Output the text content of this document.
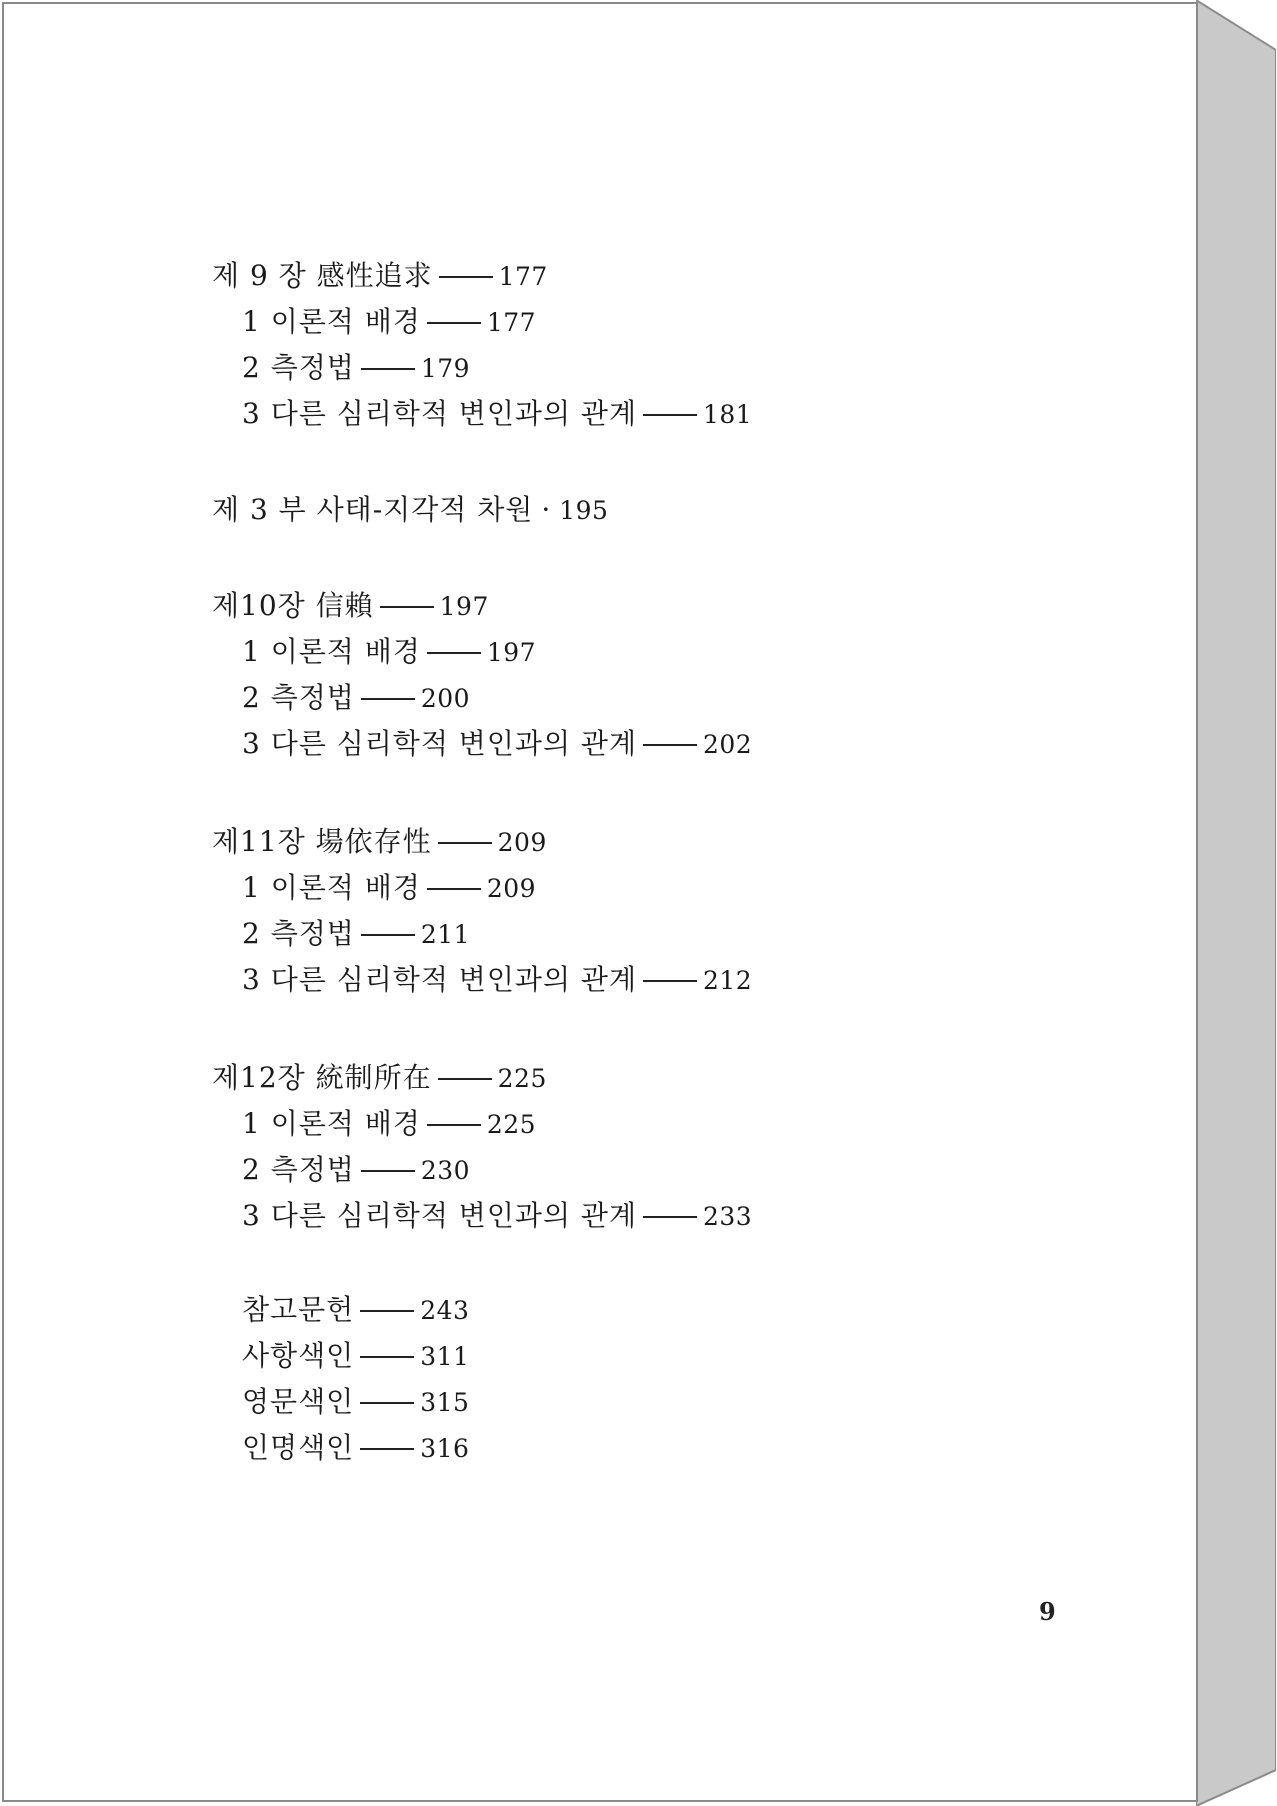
제 9 장 感性追求	177
1 이론적 배경	177
2 측정법	179
3 다른 심리학적 변인과의 관계	181
제 3 부 사태-지각적 차원 · 195
제10장 信賴	197
1 이론적 배경	197
2 측정법	200
3 다른 심리학적 변인과의 관계	202
제11장 場依存性	209
1 이론적 배경	209
2 측정법	211
3 다른 심리학적 변인과의 관계	212
제12장 統制所在	225
1 이론적 배경	225
2 측정법	230
3 다른 심리학적 변인과의 관계	233
참고문헌	243
사항색인	311
영문색인	315
인명색인	316
9
